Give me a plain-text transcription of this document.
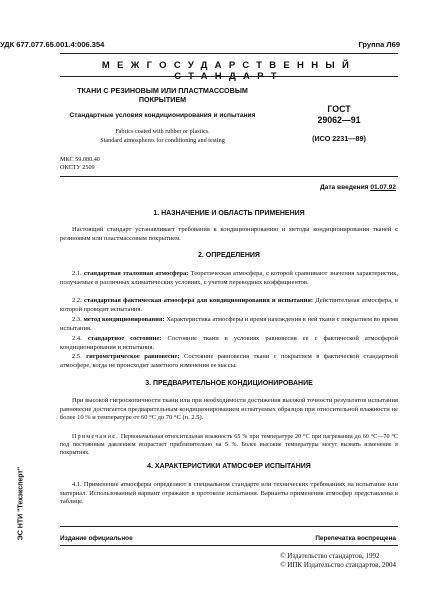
УДК 677.077.65.001.4:006.354	Группа Л69
МЕЖГОСУДАРСТВЕННЫЙ СТАНДАРТ
ТКАНИ С РЕЗИНОВЫМ ИЛИ ПЛАСТМАССОВЫМ
ПОКРЫТИЕМ
Стандартные условия кондиционирования и испытания
Fabrics coated with rubber or plastics.
Standard atmospheres for conditioning and testing
ГОСТ
29062—91
(ИСО 2231—89)
МКС 59.080.40
ОКСТУ 2509
Дата введения 01.07.92
1. НАЗНАЧЕНИЕ И ОБЛАСТЬ ПРИМЕНЕНИЯ
Настоящий стандарт устанавливает требования к кондиционированию и методы кондиционирования тканей с резиновым или пластмассовым покрытием.
2. ОПРЕДЕЛЕНИЯ
2.1. стандартная эталонная атмосфера: Теоретическая атмосфера, с которой сравнивают значения характеристик, получаемые в различных климатических условиях, с учетом переводных коэффициентов.
2.2. стандартная фактическая атмосфера для кондиционирования и испытания: Действительная атмосфера, в которой проводят испытания.
2.3. метод кондиционирования: Характеристика атмосферы и время нахождения в ней ткани с покрытием во время испытания.
2.4. стандартное состояние: Состояние ткани в условиях равновесия ее с фактической атмосферой кондиционирования и испытания.
2.5. гигрометрическое равновесие: Состояние равновесия ткани с покрытием в фактической стандартной атмосфере, когда не происходит заметного изменения ее массы.
3. ПРЕДВАРИТЕЛЬНОЕ КОНДИЦИОНИРОВАНИЕ
При высокой гигроскопичности ткани или при необходимости достижения высокой точности результатов испытания равновесие достигается предварительным кондиционированием испытуемых образцов при относительной влажности не более 10 % и температуре от 60 °С до 70 °С (п. 2.5).
Примечание. Первоначальная относительная влажность 65 % при температуре 20 °С при нагревании до 60 °С—70 °С под постоянным давлением возрастает приблизительно на 5 %. Более высокие температуры могут вызвать изменение в покрытиях.
4. ХАРАКТЕРИСТИКИ АТМОСФЕР ИСПЫТАНИЯ
4.1. Применение атмосферы определяют в специальном стандарте или технических требованиях на испытание или материал. Использованный вариант отражают в протоколе испытания. Варианты применения атмосфер представлены в таблице.
Издание официальное	Перепечатка воспрещена
© Издательство стандартов, 1992
© ИПК Издательство стандартов, 2004
ЭС НТИ "Техэксперт"
